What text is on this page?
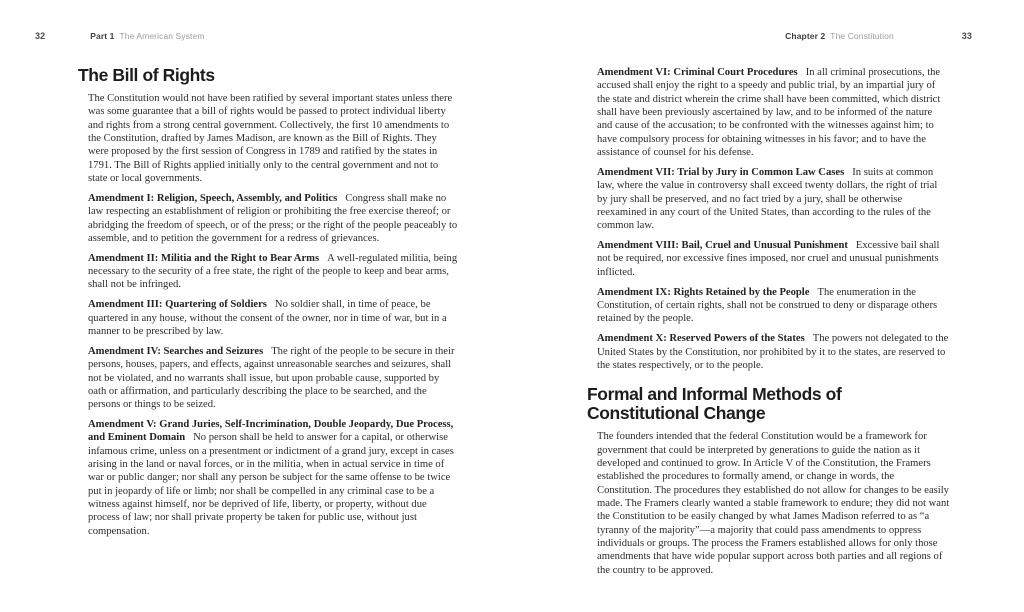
32	Part 1 The American System	Chapter 2 The Constitution	33
The Bill of Rights

The Constitution would not have been ratified by several important states unless there was some guarantee that a bill of rights would be passed to protect individual liberty and rights from a strong central government. Collectively, the first 10 amendments to the Constitution, drafted by James Madison, are known as the Bill of Rights. They were proposed by the first session of Congress in 1789 and ratified by the states in 1791. The Bill of Rights applied initially only to the central government and not to state or local governments.

Amendment I: Religion, Speech, Assembly, and Politics Congress shall make no law respecting an establishment of religion or prohibiting the free exercise thereof; or abridging the freedom of speech, or of the press; or the right of the people peaceably to assemble, and to petition the government for a redress of grievances.

Amendment II: Militia and the Right to Bear Arms A well-regulated militia, being necessary to the security of a free state, the right of the people to keep and bear arms, shall not be infringed.

Amendment III: Quartering of Soldiers No soldier shall, in time of peace, be quartered in any house, without the consent of the owner, nor in time of war, but in a manner to be prescribed by law.

Amendment IV: Searches and Seizures The right of the people to be secure in their persons, houses, papers, and effects, against unreasonable searches and seizures, shall not be violated, and no warrants shall issue, but upon probable cause, supported by oath or affirmation, and particularly describing the place to be searched, and the persons or things to be seized.

Amendment V: Grand Juries, Self-Incrimination, Double Jeopardy, Due Process, and Eminent Domain No person shall be held to answer for a capital, or otherwise infamous crime, unless on a presentment or indictment of a grand jury, except in cases arising in the land or naval forces, or in the militia, when in actual service in time of war or public danger; nor shall any person be subject for the same offense to be twice put in jeopardy of life or limb; nor shall be compelled in any criminal case to be a witness against himself, nor be deprived of life, liberty, or property, without due process of law; nor shall private property be taken for public use, without just compensation.

Amendment VI: Criminal Court Procedures In all criminal prosecutions, the accused shall enjoy the right to a speedy and public trial, by an impartial jury of the state and district wherein the crime shall have been committed, which district shall have been previously ascertained by law, and to be informed of the nature and cause of the accusation; to be confronted with the witnesses against him; to have compulsory process for obtaining witnesses in his favor; and to have the assistance of counsel for his defense.

Amendment VII: Trial by Jury in Common Law Cases In suits at common law, where the value in controversy shall exceed twenty dollars, the right of trial by jury shall be preserved, and no fact tried by a jury, shall be otherwise reexamined in any court of the United States, than according to the rules of the common law.

Amendment VIII: Bail, Cruel and Unusual Punishment Excessive bail shall not be required, nor excessive fines imposed, nor cruel and unusual punishments inflicted.

Amendment IX: Rights Retained by the People The enumeration in the Constitution, of certain rights, shall not be construed to deny or disparage others retained by the people.

Amendment X: Reserved Powers of the States The powers not delegated to the United States by the Constitution, nor prohibited by it to the states, are reserved to the states respectively, or to the people.

Formal and Informal Methods of Constitutional Change

The founders intended that the federal Constitution would be a framework for government that could be interpreted by generations to guide the nation as it developed and continued to grow. In Article V of the Constitution, the Framers established the procedures to formally amend, or change in words, the Constitution. The procedures they established do not allow for changes to be easily made. The Framers clearly wanted a stable framework to endure; they did not want the Constitution to be easily changed by what James Madison referred to as “a tyranny of the majority”—a majority that could pass amendments to oppress individuals or groups. The process the Framers established allows for only those amendments that have wide popular support across both parties and all regions of the country to be approved.
